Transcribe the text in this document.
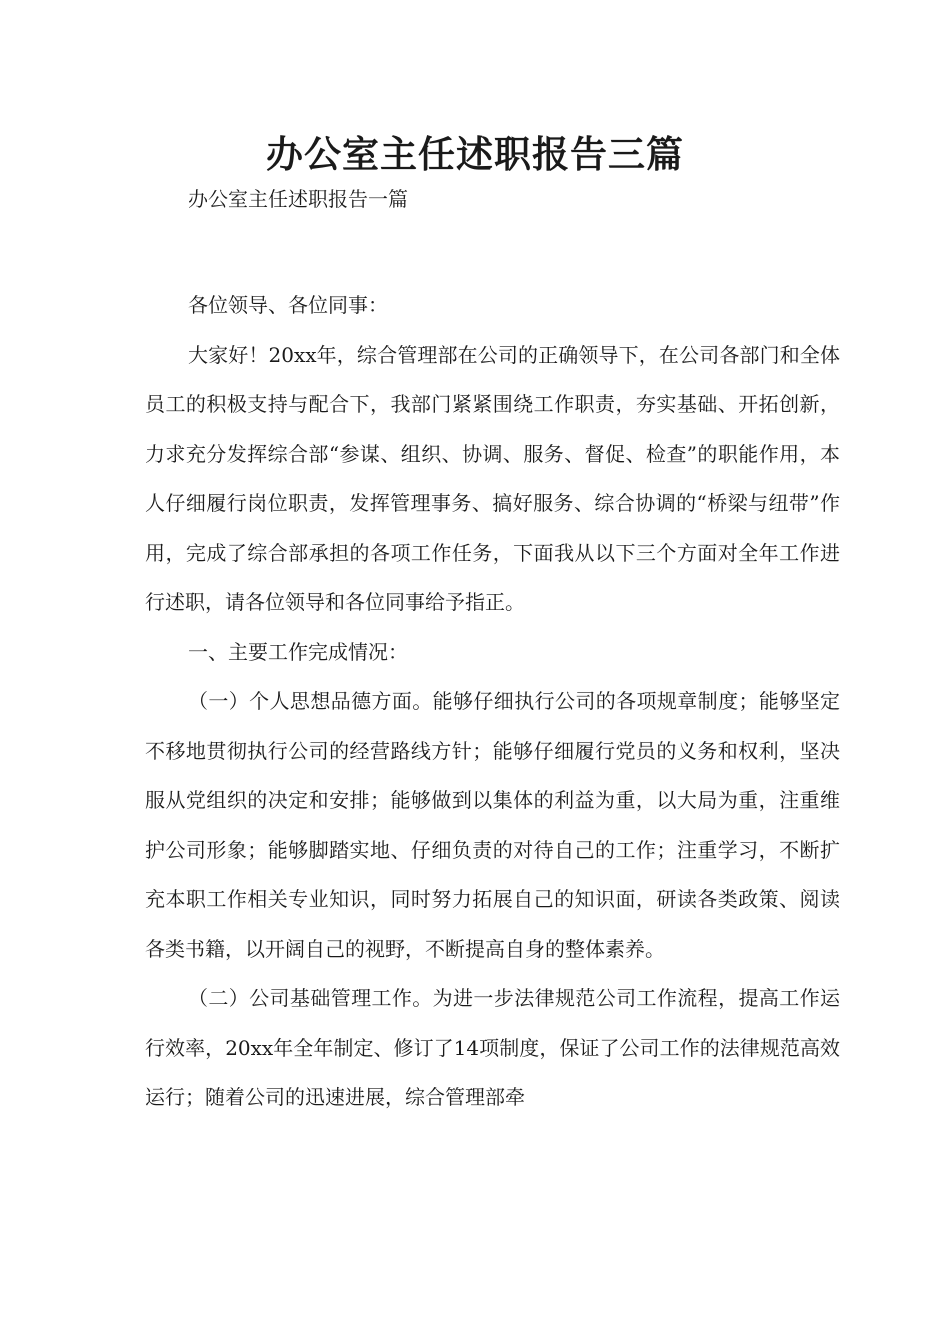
办公室主任述职报告三篇
办公室主任述职报告一篇

各位领导、各位同事：

大家好！20xx年，综合管理部在公司的正确领导下，在公司各部门和全体员工的积极支持与配合下，我部门紧紧围绕工作职责，夯实基础、开拓创新，力求充分发挥综合部“参谋、组织、协调、服务、督促、检查”的职能作用，本人仔细履行岗位职责，发挥管理事务、搞好服务、综合协调的“桥梁与纽带”作用，完成了综合部承担的各项工作任务，下面我从以下三个方面对全年工作进行述职，请各位领导和各位同事给予指正。

一、主要工作完成情况：

（一）个人思想品德方面。能够仔细执行公司的各项规章制度；能够坚定不移地贯彻执行公司的经营路线方针；能够仔细履行党员的义务和权利，坚决服从党组织的决定和安排；能够做到以集体的利益为重，以大局为重，注重维护公司形象；能够脚踏实地、仔细负责的对待自己的工作；注重学习，不断扩充本职工作相关专业知识，同时努力拓展自己的知识面，研读各类政策、阅读各类书籍，以开阔自己的视野，不断提高自身的整体素养。

（二）公司基础管理工作。为进一步法律规范公司工作流程，提高工作运行效率，20xx年全年制定、修订了14项制度，保证了公司工作的法律规范高效运行；随着公司的迅速进展，综合管理部牵
